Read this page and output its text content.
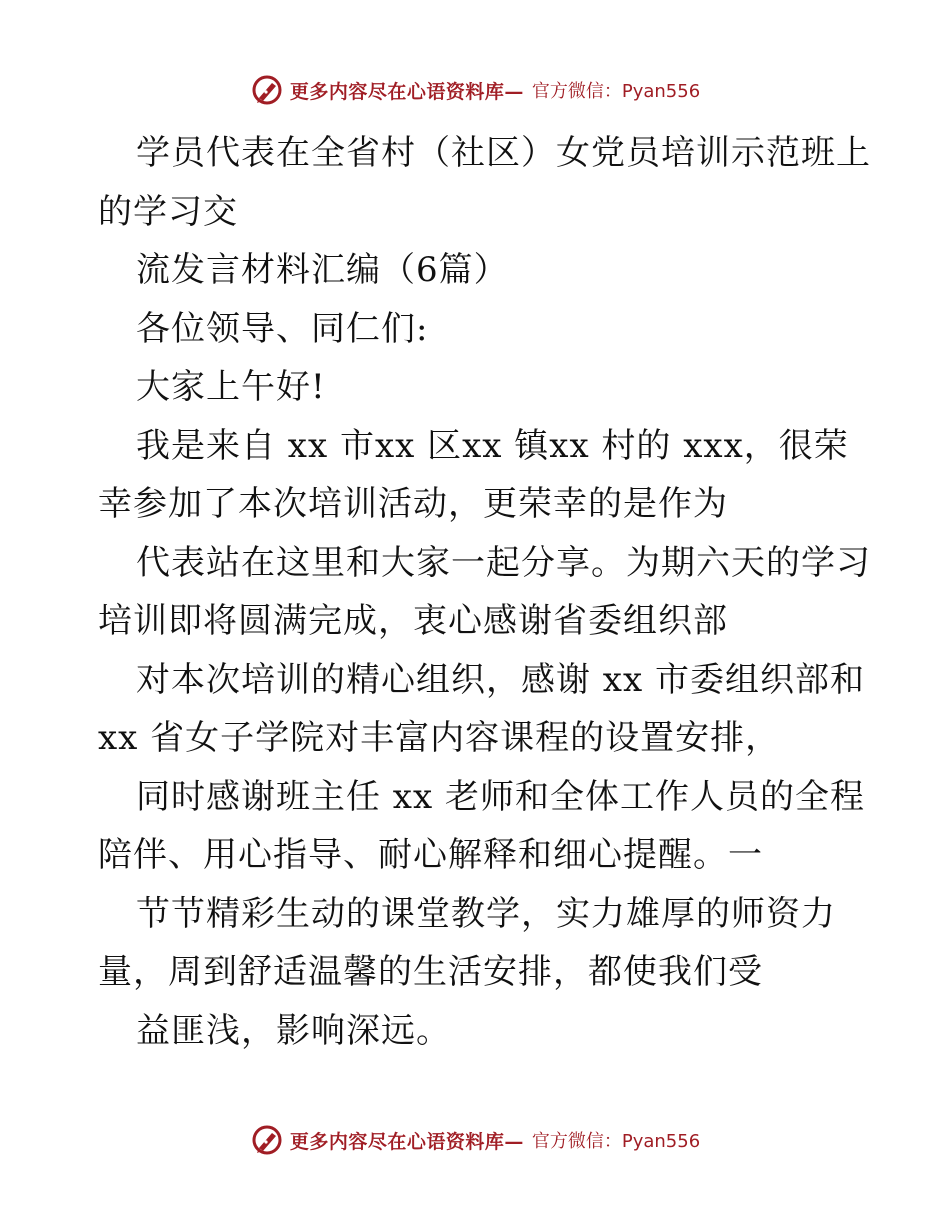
更多内容尽在心语资料库— 官方微信：Pyan556
学员代表在全省村（社区）女党员培训示范班上
的学习交
流发言材料汇编（6篇）
各位领导、同仁们:
大家上午好!
我是来自 xx 市xx 区xx 镇xx 村的 xxx，很荣
幸参加了本次培训活动，更荣幸的是作为
代表站在这里和大家一起分享。为期六天的学习
培训即将圆满完成，衷心感谢省委组织部
对本次培训的精心组织，感谢 xx 市委组织部和
xx 省女子学院对丰富内容课程的设置安排，
同时感谢班主任 xx 老师和全体工作人员的全程
陪伴、用心指导、耐心解释和细心提醒。一
节节精彩生动的课堂教学，实力雄厚的师资力
量，周到舒适温馨的生活安排，都使我们受
益匪浅，影响深远。
更多内容尽在心语资料库— 官方微信：Pyan556
